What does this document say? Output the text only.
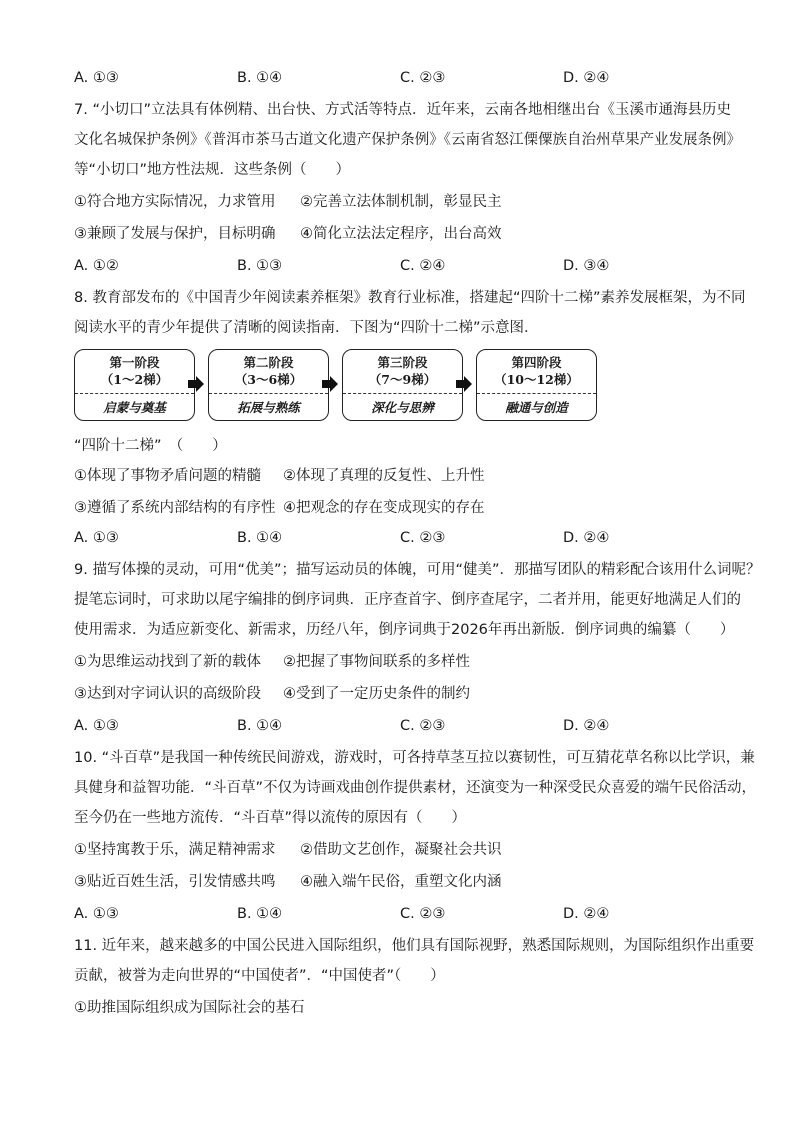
A. ①③	B. ①④	C. ②③	D. ②④
7. “小切口”立法具有体例精、出台快、方式活等特点．近年来，云南各地相继出台《玉溪市通海县历史
文化名城保护条例》《普洱市茶马古道文化遗产保护条例》《云南省怒江傈僳族自治州草果产业发展条例》
等“小切口”地方性法规．这些条例（　　）
①符合地方实际情况，力求管用 ②完善立法体制机制，彰显民主
③兼顾了发展与保护，目标明确 ④简化立法法定程序，出台高效
A. ①②	B. ①③	C. ②④	D. ③④
8. 教育部发布的《中国青少年阅读素养框架》教育行业标准，搭建起“四阶十二梯”素养发展框架，为不同
阅读水平的青少年提供了清晰的阅读指南．下图为“四阶十二梯”示意图．
第一阶段
（1～2梯）
启蒙与奠基
第二阶段
（3～6梯）
拓展与熟练
第三阶段
（7～9梯）
深化与思辨
第四阶段
（10～12梯）
融通与创造
“四阶十二梯”　（　　）
①体现了事物矛盾问题的精髓 ②体现了真理的反复性、上升性
③遵循了系统内部结构的有序性 ④把观念的存在变成现实的存在
A. ①③	B. ①④	C. ②③	D. ②④
9. 描写体操的灵动，可用“优美”；描写运动员的体魄，可用“健美”．那描写团队的精彩配合该用什么词呢？
提笔忘词时，可求助以尾字编排的倒序词典．正序查首字、倒序查尾字，二者并用，能更好地满足人们的
使用需求．为适应新变化、新需求，历经八年，倒序词典于2026年再出新版．倒序词典的编纂（　　）
①为思维运动找到了新的载体 ②把握了事物间联系的多样性
③达到对字词认识的高级阶段 ④受到了一定历史条件的制约
A. ①③	B. ①④	C. ②③	D. ②④
10. “斗百草”是我国一种传统民间游戏，游戏时，可各持草茎互拉以赛韧性，可互猜花草名称以比学识，兼
具健身和益智功能．“斗百草”不仅为诗画戏曲创作提供素材，还演变为一种深受民众喜爱的端午民俗活动，
至今仍在一些地方流传．“斗百草”得以流传的原因有（　　）
①坚持寓教于乐，满足精神需求 ②借助文艺创作，凝聚社会共识
③贴近百姓生活，引发情感共鸣 ④融入端午民俗，重塑文化内涵
A. ①③	B. ①④	C. ②③	D. ②④
11. 近年来，越来越多的中国公民进入国际组织，他们具有国际视野，熟悉国际规则，为国际组织作出重要
贡献，被誉为走向世界的“中国使者”．“中国使者”（　　）
①助推国际组织成为国际社会的基石
